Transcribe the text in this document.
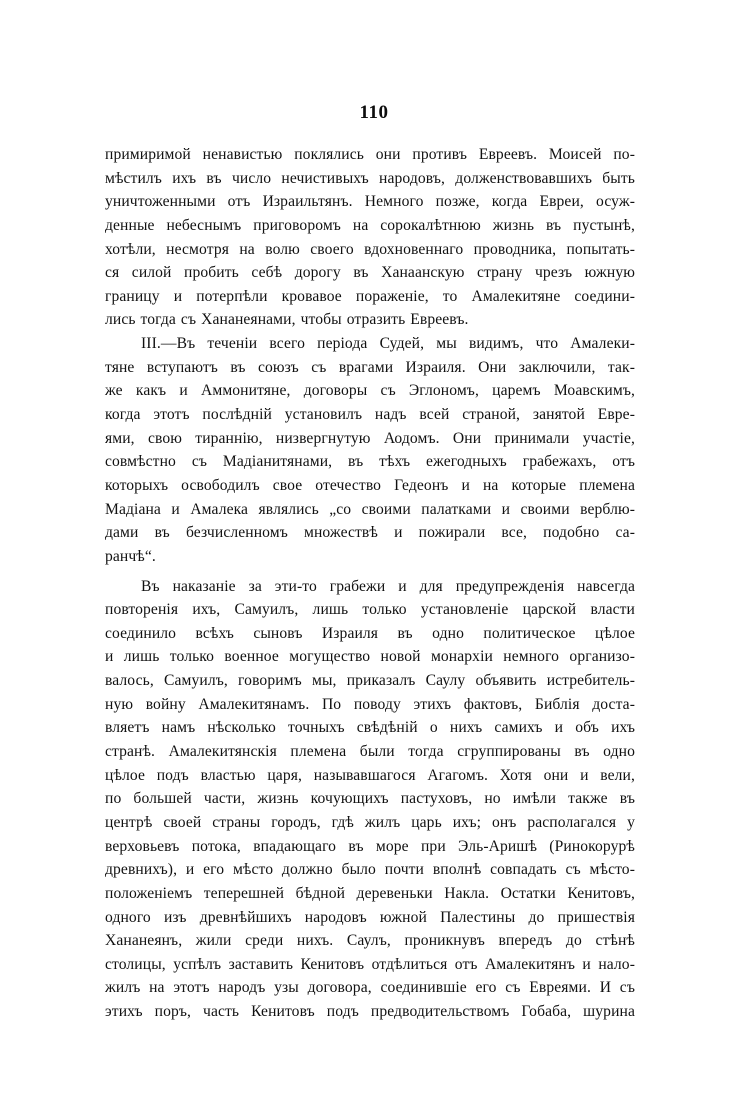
110
примиримой ненавистью поклялись они противъ Евреевъ. Моисей по-
мѣстилъ ихъ въ число нечистивыхъ народовъ, долженствовавшихъ быть
уничтоженными отъ Израильтянъ. Немного позже, когда Евреи, осуж-
денные небеснымъ приговоромъ на сорокалѣтнюю жизнь въ пустынѣ,
хотѣли, несмотря на волю своего вдохновеннаго проводника, попытать-
ся силой пробить себѣ дорогу въ Ханаанскую страну чрезъ южную
границу и потерпѣли кровавое пораженіе, то Амалекитяне соедини-
лись тогда съ Хананеянами, чтобы отразить Евреевъ.
III.—Въ теченіи всего періода Судей, мы видимъ, что Амалеки-
тяне вступаютъ въ союзъ съ врагами Израиля. Они заключили, так-
же какъ и Аммонитяне, договоры съ Эглономъ, царемъ Моавскимъ,
когда этотъ послѣдній установилъ надъ всей страной, занятой Евре-
ями, свою тираннію, низвергнутую Аодомъ. Они принимали участіе,
совмѣстно съ Мадіанитянами, въ тѣхъ ежегодныхъ грабежахъ, отъ
которыхъ освободилъ свое отечество Гедеонъ и на которые племена
Мадіана и Амалека являлись „со своими палатками и своими верблю-
дами въ безчисленномъ множествѣ и пожирали все, подобно са-
ранчѣ“.
Въ наказаніе за эти-то грабежи и для предупрежденія навсегда
повторенія ихъ, Самуилъ, лишь только установленіе царской власти
соединило всѣхъ сыновъ Израиля въ одно политическое цѣлое
и лишь только военное могущество новой монархіи немного организо-
валось, Самуилъ, говоримъ мы, приказалъ Саулу объявить истребитель-
ную войну Амалекитянамъ. По поводу этихъ фактовъ, Библія доста-
вляетъ намъ нѣсколько точныхъ свѣдѣній о нихъ самихъ и объ ихъ
странѣ. Амалекитянскія племена были тогда сгруппированы въ одно
цѣлое подъ властью царя, называвшагося Агагомъ. Хотя они и вели,
по большей части, жизнь кочующихъ пастуховъ, но имѣли также въ
центрѣ своей страны городъ, гдѣ жилъ царь ихъ; онъ располагался у
верховьевъ потока, впадающаго въ море при Эль-Аришѣ (Ринокорурѣ
древнихъ), и его мѣсто должно было почти вполнѣ совпадать съ мѣсто-
положеніемъ теперешней бѣдной деревеньки Накла. Остатки Кенитовъ,
одного изъ древнѣйшихъ народовъ южной Палестины до пришествія
Хананеянъ, жили среди нихъ. Саулъ, проникнувъ впередъ до стѣнѣ
столицы, успѣлъ заставить Кенитовъ отдѣлиться отъ Амалекитянъ и нало-
жилъ на этотъ народъ узы договора, соединившіе его съ Евреями. И съ
этихъ поръ, часть Кенитовъ подъ предводительствомъ Гобаба, шурина
